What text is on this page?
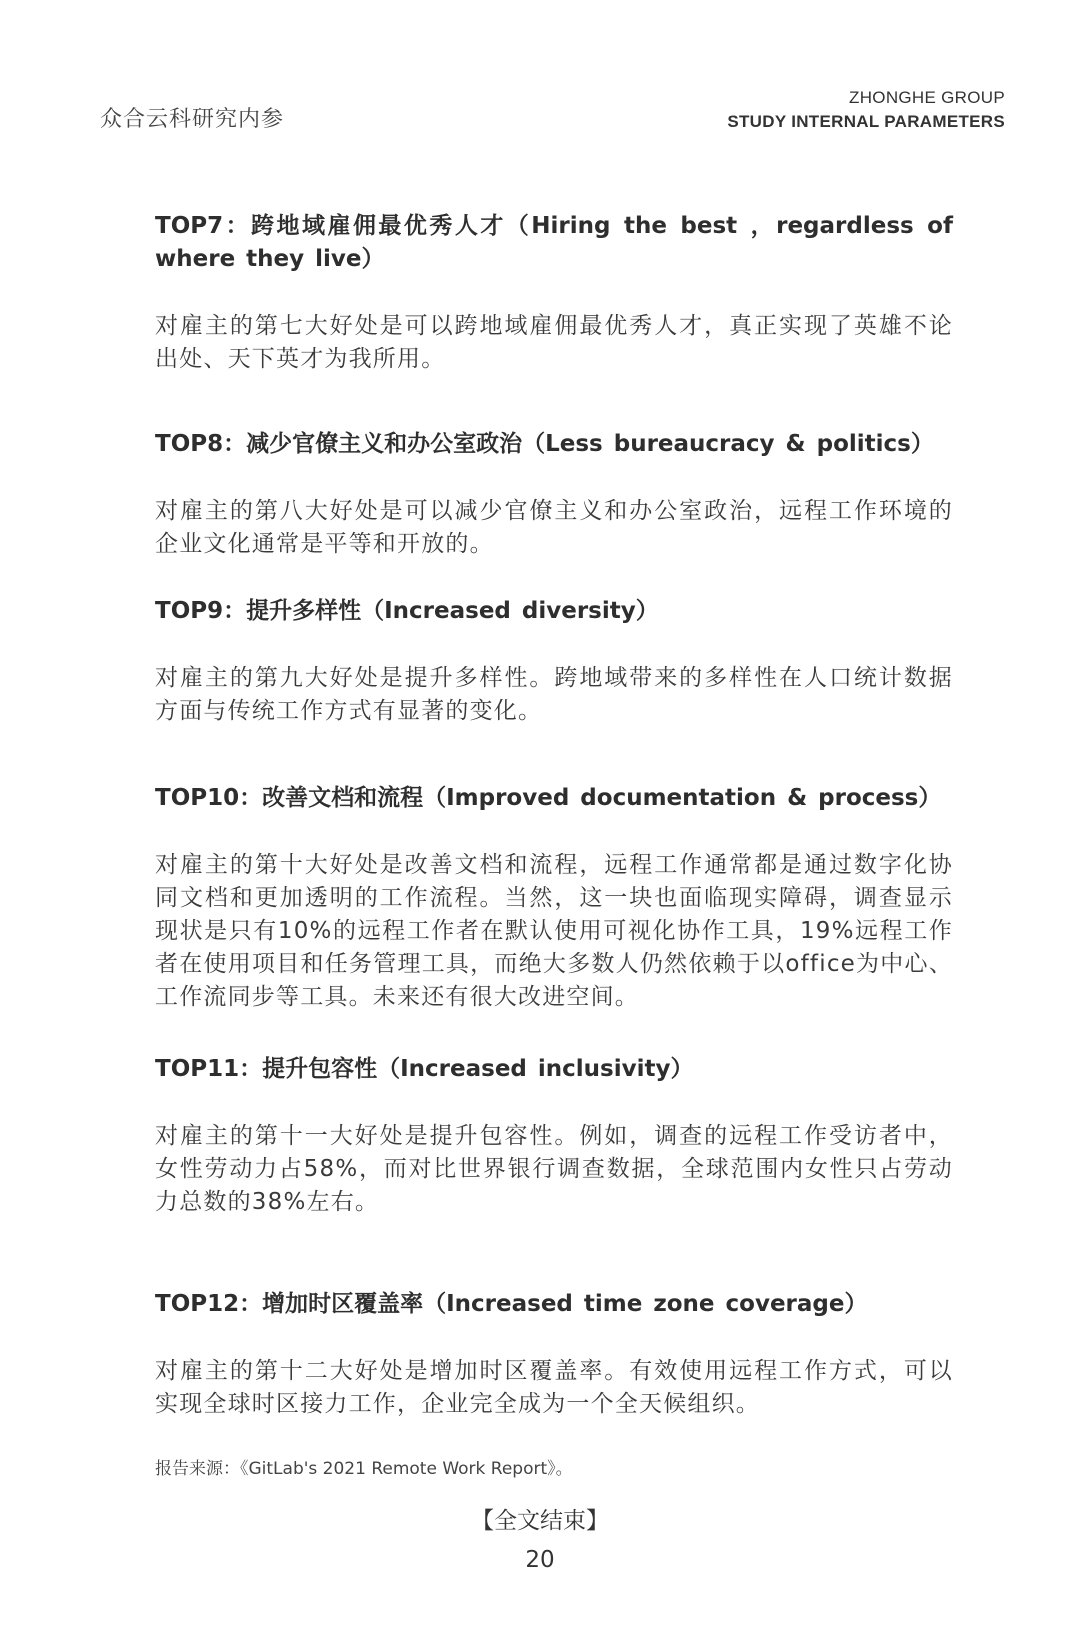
众合云科研究内参
ZHONGHE GROUP
STUDY INTERNAL PARAMETERS
TOP7：跨地域雇佣最优秀人才（Hiring the best ，regardless of where they live）
对雇主的第七大好处是可以跨地域雇佣最优秀人才，真正实现了英雄不论出处、天下英才为我所用。
TOP8：减少官僚主义和办公室政治（Less bureaucracy & politics）
对雇主的第八大好处是可以减少官僚主义和办公室政治，远程工作环境的企业文化通常是平等和开放的。
TOP9：提升多样性（Increased diversity）
对雇主的第九大好处是提升多样性。跨地域带来的多样性在人口统计数据方面与传统工作方式有显著的变化。
TOP10：改善文档和流程（Improved documentation & process）
对雇主的第十大好处是改善文档和流程，远程工作通常都是通过数字化协同文档和更加透明的工作流程。当然，这一块也面临现实障碍，调查显示现状是只有10%的远程工作者在默认使用可视化协作工具，19%远程工作者在使用项目和任务管理工具，而绝大多数人仍然依赖于以office为中心、工作流同步等工具。未来还有很大改进空间。
TOP11：提升包容性（Increased inclusivity）
对雇主的第十一大好处是提升包容性。例如，调查的远程工作受访者中，女性劳动力占58%，而对比世界银行调查数据，全球范围内女性只占劳动力总数的38%左右。
TOP12：增加时区覆盖率（Increased time zone coverage）
对雇主的第十二大好处是增加时区覆盖率。有效使用远程工作方式，可以实现全球时区接力工作，企业完全成为一个全天候组织。
报告来源：《GitLab's 2021 Remote Work Report》。
【全文结束】
20
